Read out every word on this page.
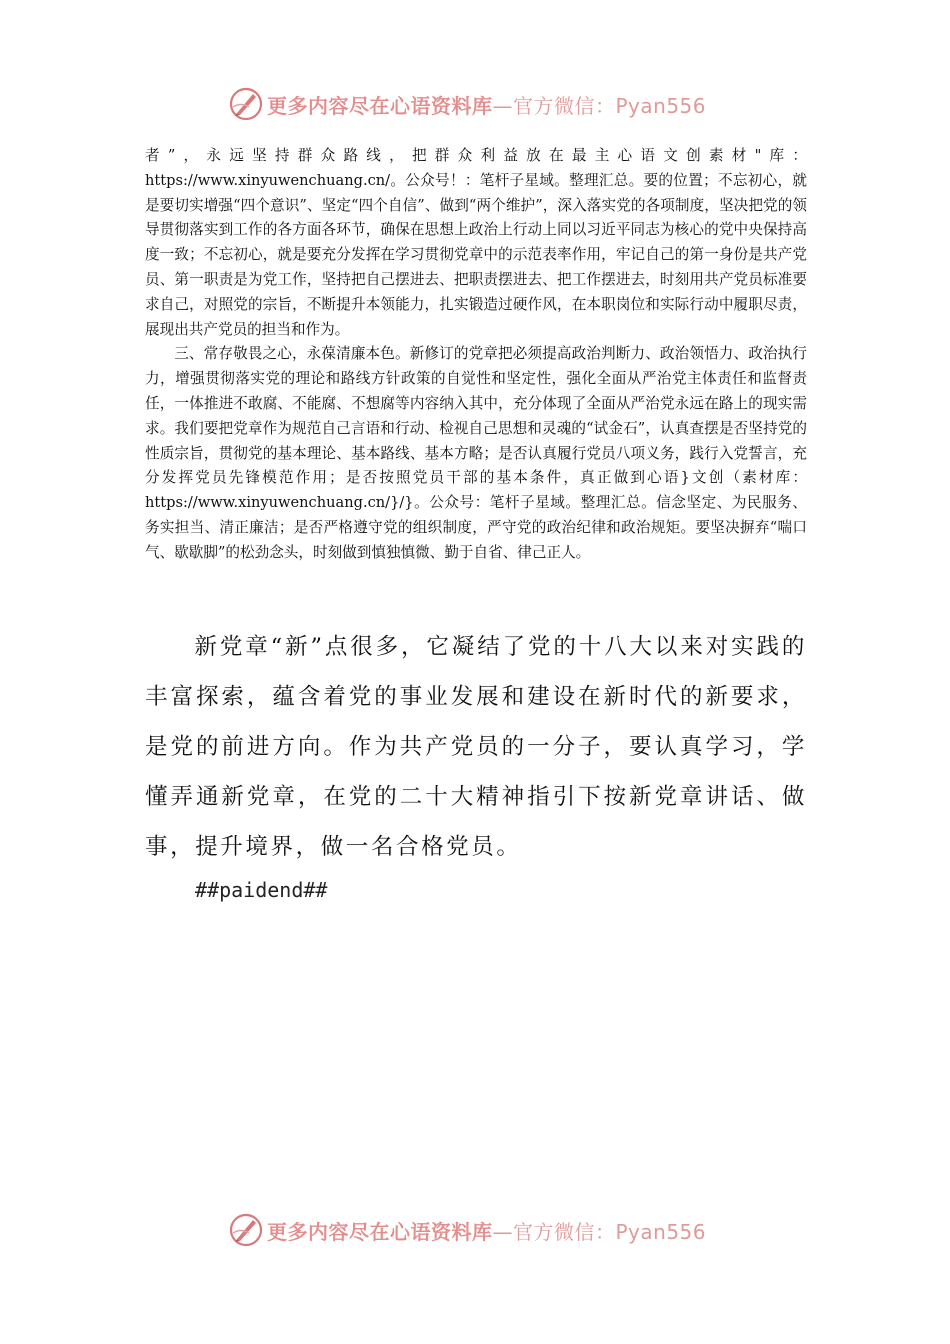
更多内容尽在心语资料库—官方微信：Pyan556

者”，永远坚持群众路线，把群众利益放在最主心语文创素材"库：https://www.xinyuwenchuang.cn/。公众号！：笔杆子星域。整理汇总。要的位置；不忘初心，就是要切实增强“四个意识”、坚定“四个自信”、做到“两个维护”，深入落实党的各项制度，坚决把党的领导贯彻落实到工作的各方面各环节，确保在思想上政治上行动上同以习近平同志为核心的党中央保持高度一致；不忘初心，就是要充分发挥在学习贯彻党章中的示范表率作用，牢记自己的第一身份是共产党员、第一职责是为党工作，坚持把自己摆进去、把职责摆进去、把工作摆进去，时刻用共产党员标准要求自己，对照党的宗旨，不断提升本领能力，扎实锻造过硬作风，在本职岗位和实际行动中履职尽责，展现出共产党员的担当和作为。

三、常存敬畏之心，永葆清廉本色。新修订的党章把必须提高政治判断力、政治领悟力、政治执行力，增强贯彻落实党的理论和路线方针政策的自觉性和坚定性，强化全面从严治党主体责任和监督责任，一体推进不敢腐、不能腐、不想腐等内容纳入其中，充分体现了全面从严治党永远在路上的现实需求。我们要把党章作为规范自己言语和行动、检视自己思想和灵魂的“试金石”，认真查摆是否坚持党的性质宗旨，贯彻党的基本理论、基本路线、基本方略；是否认真履行党员八项义务，践行入党誓言，充分发挥党员先锋模范作用；是否按照党员干部的基本条件，真正做到心语}文创（素材库：https://www.xinyuwenchuang.cn/}/}。公众号：笔杆子星域。整理汇总。信念坚定、为民服务、务实担当、清正廉洁；是否严格遵守党的组织制度，严守党的政治纪律和政治规矩。要坚决摒弃“喘口气、歇歇脚”的松劲念头，时刻做到慎独慎微、勤于自省、律己正人。

新党章“新”点很多，它凝结了党的十八大以来对实践的丰富探索，蕴含着党的事业发展和建设在新时代的新要求，是党的前进方向。作为共产党员的一分子，要认真学习，学懂弄通新党章，在党的二十大精神指引下按新党章讲话、做事，提升境界，做一名合格党员。

##paidend##
更多内容尽在心语资料库—官方微信：Pyan556
